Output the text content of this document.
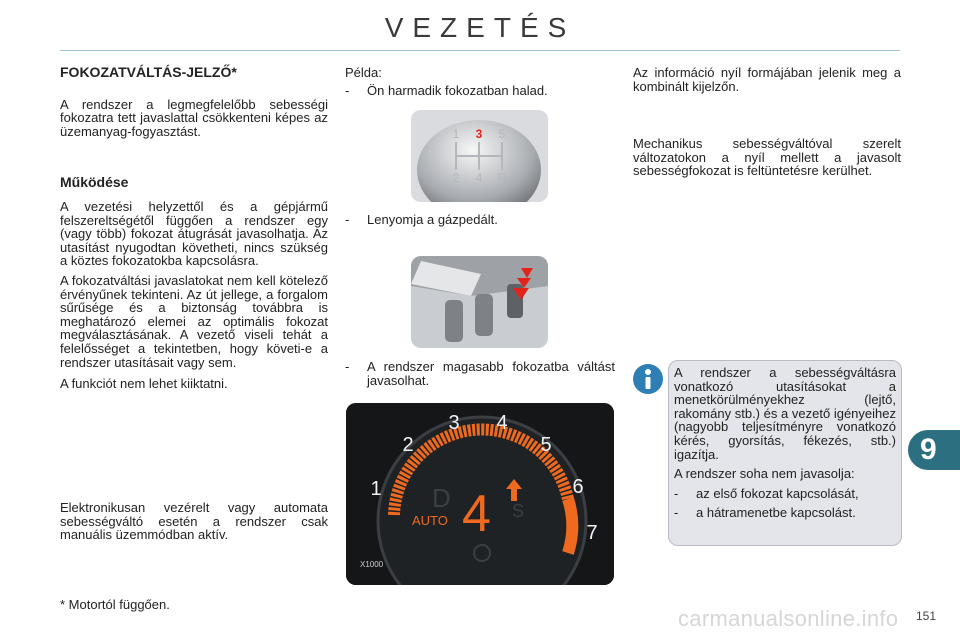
VEZETÉS
FOKOZATVÁLTÁS-JELZŐ*

A rendszer a legmegfelelőbb sebességi fokozatra tett javaslattal csökkenteni képes az üzemanyag-fogyasztást.

Működése

A vezetési helyzettől és a gépjármű felszereltségétől függően a rendszer egy (vagy több) fokozat átugrását javasolhatja. Az utasítást nyugodtan követheti, nincs szükség a köztes fokozatokba kapcsolásra.

A fokozatváltási javaslatokat nem kell kötelező érvényűnek tekinteni. Az út jellege, a forgalom sűrűsége és a biztonság továbbra is meghatározó elemei az optimális fokozat megválasztásának. A vezető viseli tehát a felelősséget a tekintetben, hogy követi-e a rendszer utasításait vagy sem.

A funkciót nem lehet kiiktatni.

Elektronikusan vezérelt vagy automata sebességváltó esetén a rendszer csak manuális üzemmódban aktív.

Példa:
-	Ön harmadik fokozatban halad.
-	Lenyomja a gázpedált.
-	A rendszer magasabb fokozatba váltást javasolhat.
1 3 5
2 4 R
1
2
3 4
5
6
7
D
AUTO 4 S
X1000

Az információ nyíl formájában jelenik meg a kombinált kijelzőn.

Mechanikus sebességváltóval szerelt változatokon a nyíl mellett a javasolt sebességfokozat is feltüntetésre kerülhet.

A rendszer a sebességváltásra vonatkozó utasításokat a menetkörülményekhez (lejtő, rakomány stb.) és a vezető igényeihez (nagyobb teljesítményre vonatkozó kérés, gyorsítás, fékezés, stb.) igazítja.

A rendszer soha nem javasolja:

-	az első fokozat kapcsolását,
-	a hátramenetbe kapcsolást.
9
* Motortól függően.
carmanualsonline.info 151
